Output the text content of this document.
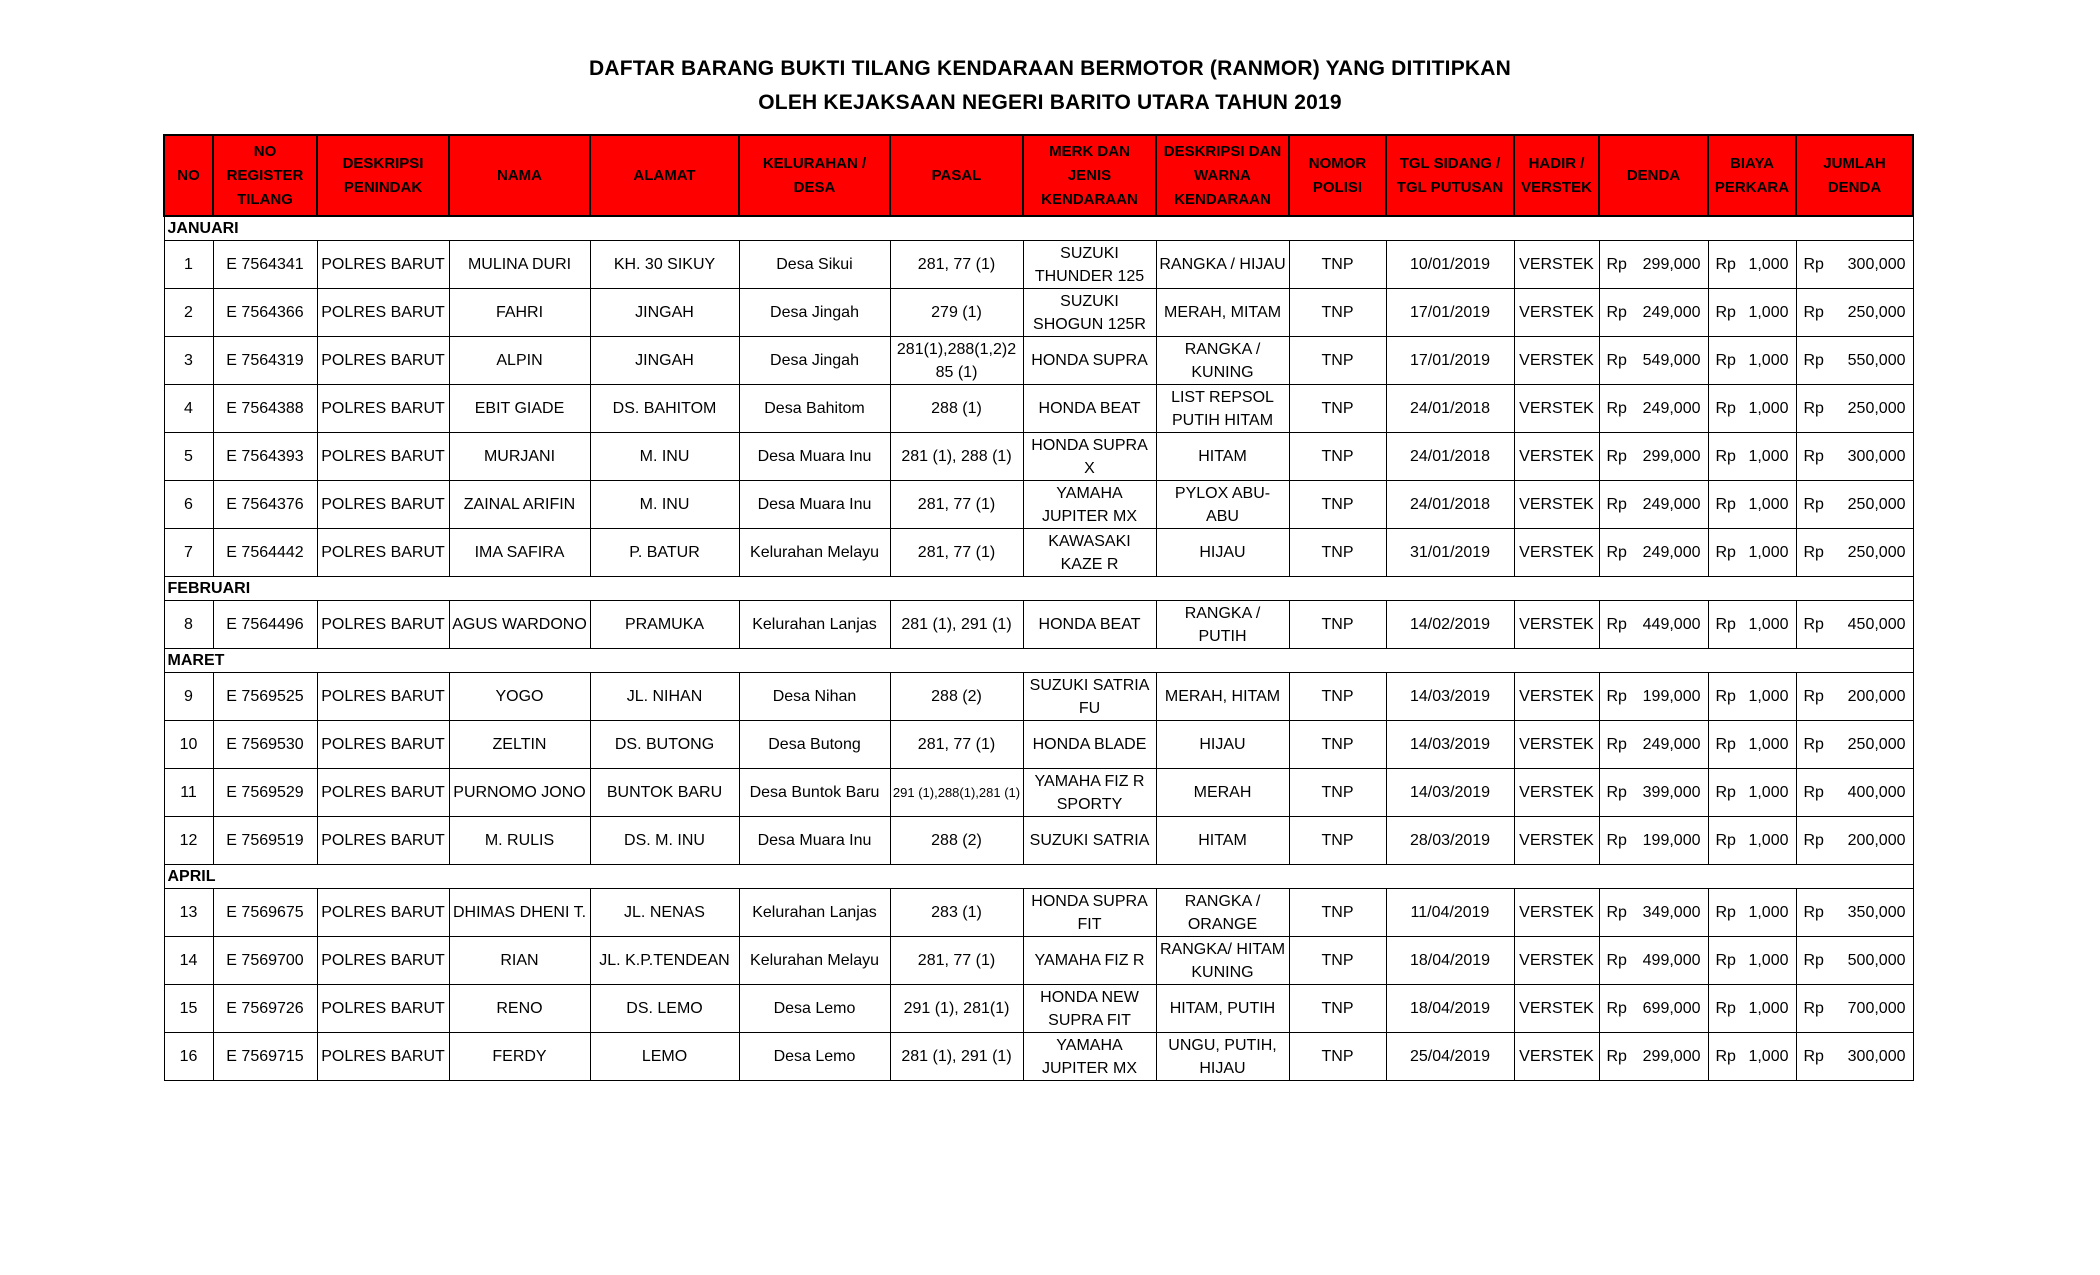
DAFTAR BARANG BUKTI TILANG KENDARAAN BERMOTOR (RANMOR) YANG DITITIPKAN
OLEH KEJAKSAAN NEGERI BARITO UTARA TAHUN 2019
NO	NO REGISTER TILANG	DESKRIPSI PENINDAK	NAMA	ALAMAT	KELURAHAN / DESA	PASAL	MERK DAN JENIS KENDARAAN	DESKRIPSI DAN WARNA KENDARAAN	NOMOR POLISI	TGL SIDANG / TGL PUTUSAN	HADIR / VERSTEK	DENDA	BIAYA PERKARA	JUMLAH DENDA
JANUARI														
1	E 7564341	POLRES BARUT	MULINA DURI	KH. 30 SIKUY	Desa Sikui	281, 77 (1)	SUZUKI THUNDER 125	RANGKA / HIJAU	TNP	10/01/2019	VERSTEK	Rp 299,000	Rp 1,000	Rp 300,000

2	E 7564366	POLRES BARUT	FAHRI	JINGAH	Desa Jingah	279 (1)	SUZUKI SHOGUN 125R	MERAH, MITAM	TNP	17/01/2019	VERSTEK	Rp 249,000	Rp 1,000	Rp 250,000

3	E 7564319	POLRES BARUT	ALPIN	JINGAH	Desa Jingah	281(1),288(1,2)285 (1)	HONDA SUPRA	RANGKA / KUNING	TNP	17/01/2019	VERSTEK	Rp 549,000	Rp 1,000	Rp 550,000

4	E 7564388	POLRES BARUT	EBIT GIADE	DS. BAHITOM	Desa Bahitom	288 (1)	HONDA BEAT	LIST REPSOL PUTIH HITAM	TNP	24/01/2018	VERSTEK	Rp 249,000	Rp 1,000	Rp 250,000

5	E 7564393	POLRES BARUT	MURJANI	M. INU	Desa Muara Inu	281 (1), 288 (1)	HONDA SUPRA X	HITAM	TNP	24/01/2018	VERSTEK	Rp 299,000	Rp 1,000	Rp 300,000

6	E 7564376	POLRES BARUT	ZAINAL ARIFIN	M. INU	Desa Muara Inu	281, 77 (1)	YAMAHA JUPITER MX	PYLOX ABU-ABU	TNP	24/01/2018	VERSTEK	Rp 249,000	Rp 1,000	Rp 250,000

7	E 7564442	POLRES BARUT	IMA SAFIRA	P. BATUR	Kelurahan Melayu	281, 77 (1)	KAWASAKI KAZE R	HIJAU	TNP	31/01/2019	VERSTEK	Rp 249,000	Rp 1,000	Rp 250,000

FEBRUARI														
8	E 7564496	POLRES BARUT	AGUS WARDONO	PRAMUKA	Kelurahan Lanjas	281 (1), 291 (1)	HONDA BEAT	RANGKA / PUTIH	TNP	14/02/2019	VERSTEK	Rp 449,000	Rp 1,000	Rp 450,000

MARET														
9	E 7569525	POLRES BARUT	YOGO	JL. NIHAN	Desa Nihan	288 (2)	SUZUKI SATRIA FU	MERAH, HITAM	TNP	14/03/2019	VERSTEK	Rp 199,000	Rp 1,000	Rp 200,000

10	E 7569530	POLRES BARUT	ZELTIN	DS. BUTONG	Desa Butong	281, 77 (1)	HONDA BLADE	HIJAU	TNP	14/03/2019	VERSTEK	Rp 249,000	Rp 1,000	Rp 250,000

11	E 7569529	POLRES BARUT	PURNOMO JONO	BUNTOK BARU	Desa Buntok Baru	291 (1),288(1),281 (1)	YAMAHA FIZ R SPORTY	MERAH	TNP	14/03/2019	VERSTEK	Rp 399,000	Rp 1,000	Rp 400,000

12	E 7569519	POLRES BARUT	M. RULIS	DS. M. INU	Desa Muara Inu	288 (2)	SUZUKI SATRIA	HITAM	TNP	28/03/2019	VERSTEK	Rp 199,000	Rp 1,000	Rp 200,000

APRIL														
13	E 7569675	POLRES BARUT	DHIMAS DHENI T.	JL. NENAS	Kelurahan Lanjas	283 (1)	HONDA SUPRA FIT	RANGKA / ORANGE	TNP	11/04/2019	VERSTEK	Rp 349,000	Rp 1,000	Rp 350,000

14	E 7569700	POLRES BARUT	RIAN	JL. K.P.TENDEAN	Kelurahan Melayu	281, 77 (1)	YAMAHA FIZ R	RANGKA/ HITAM KUNING	TNP	18/04/2019	VERSTEK	Rp 499,000	Rp 1,000	Rp 500,000

15	E 7569726	POLRES BARUT	RENO	DS. LEMO	Desa Lemo	291 (1), 281(1)	HONDA NEW SUPRA FIT	HITAM, PUTIH	TNP	18/04/2019	VERSTEK	Rp 699,000	Rp 1,000	Rp 700,000

16	E 7569715	POLRES BARUT	FERDY	LEMO	Desa Lemo	281 (1), 291 (1)	YAMAHA JUPITER MX	UNGU, PUTIH, HIJAU	TNP	25/04/2019	VERSTEK	Rp 299,000	Rp 1,000	Rp 300,000
